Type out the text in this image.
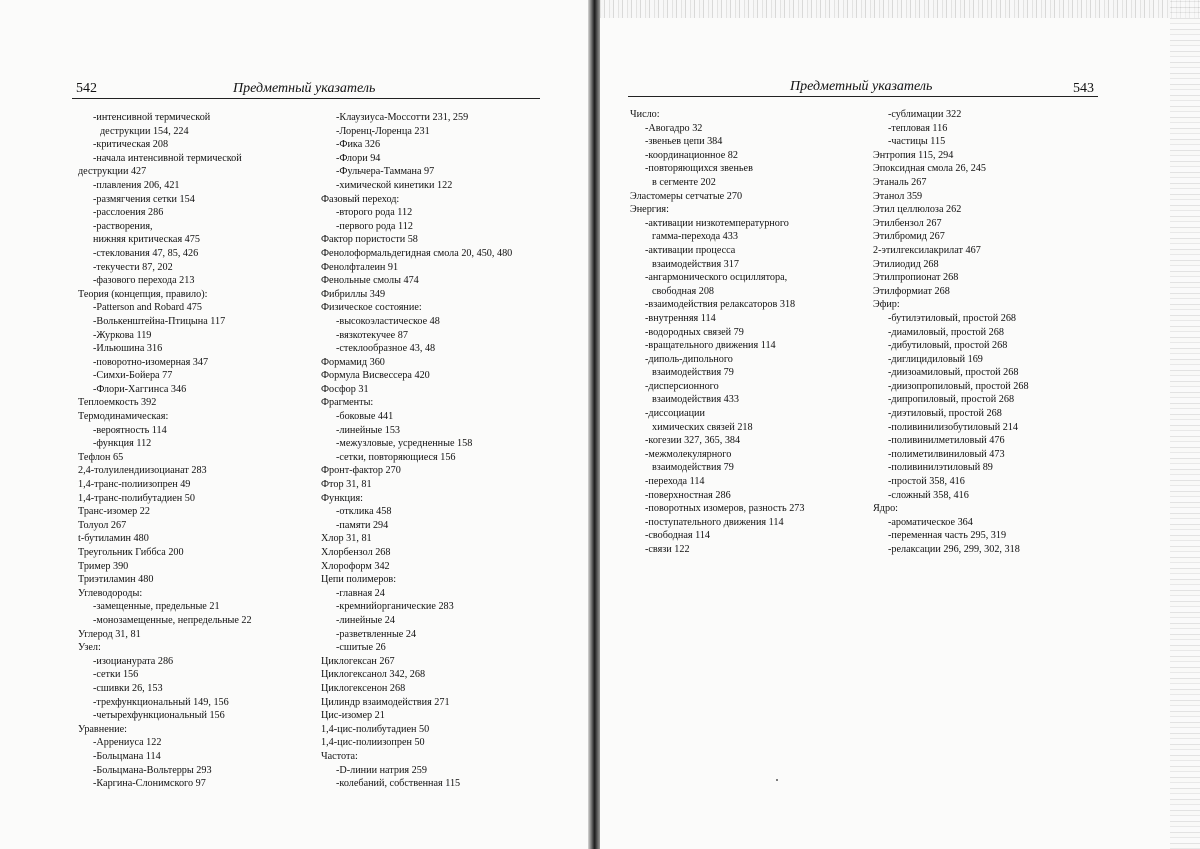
542	Предметный указатель
-интенсивной термической
деструкции 154, 224
-критическая 208
-начала интенсивной термической
деструкции 427
-плавления 206, 421
-размягчения сетки 154
-расслоения 286
-растворения,
нижняя критическая 475
-стеклования 47, 85, 426
-текучести 87, 202
-фазового перехода 213
Теория (концепция, правило):
-Patterson and Robard 475
-Волькенштейна-Птицына 117
-Журкова 119
-Ильюшина 316
-поворотно-изомерная 347
-Симхи-Бойера 77
-Флори-Хаггинса 346
Теплоемкость 392
Термодинамическая:
-вероятность 114
-функция 112
Тефлон 65
2,4-толуилендиизоцианат 283
1,4-транс-полиизопрен 49
1,4-транс-полибутадиен 50
Транс-изомер 22
Толуол 267
t-бутиламин 480
Треугольник Гиббса 200
Тример 390
Триэтиламин 480
Углеводороды:
-замещенные, предельные 21
-монозамещенные, непредельные 22
Углерод 31, 81
Узел:
-изоцианурата 286
-сетки 156
-сшивки 26, 153
-трехфункциональный 149, 156
-четырехфункциональный 156
Уравнение:
-Аррениуса 122
-Больцмана 114
-Больцмана-Вольтерры 293
-Каргина-Слонимского 97
-Клаузиуса-Моссотти 231, 259
-Лоренц-Лоренца 231
-Фика 326
-Флори 94
-Фульчера-Таммана 97
-химической кинетики 122
Фазовый переход:
-второго рода 112
-первого рода 112
Фактор пористости 58
Фенолоформальдегидная смола 20, 450, 480
Фенолфталеин 91
Фенольные смолы 474
Фибриллы 349
Физическое состояние:
-высокоэластическое 48
-вязкотекучее 87
-стеклообразное 43, 48
Формамид 360
Формула Висвессера 420
Фосфор 31
Фрагменты:
-боковые 441
-линейные 153
-межузловые, усредненные 158
-сетки, повторяющиеся 156
Фронт-фактор 270
Фтор 31, 81
Функция:
-отклика 458
-памяти 294
Хлор 31, 81
Хлорбензол 268
Хлороформ 342
Цепи полимеров:
-главная 24
-кремнийорганические 283
-линейные 24
-разветвленные 24
-сшитые 26
Циклогексан 267
Циклогексанол 342, 268
Циклогексенон 268
Цилиндр взаимодействия 271
Цис-изомер 21
1,4-цис-полибутадиен 50
1,4-цис-полиизопрен 50
Частота:
-D-линии натрия 259
-колебаний, собственная 115
Предметный указатель	543
Число:
-Авогадро 32
-звеньев цепи 384
-координационное 82
-повторяющихся звеньев
в сегменте 202
Эластомеры сетчатые 270
Энергия:
-активации низкотемпературного
гамма-перехода 433
-активации процесса
взаимодействия 317
-ангармонического осциллятора,
свободная 208
-взаимодействия релаксаторов 318
-внутренняя 114
-водородных связей 79
-вращательного движения 114
-диполь-дипольного
взаимодействия 79
-дисперсионного
взаимодействия 433
-диссоциации
химических связей 218
-когезии 327, 365, 384
-межмолекулярного
взаимодействия 79
-перехода 114
-поверхностная 286
-поворотных изомеров, разность 273
-поступательного движения 114
-свободная 114
-связи 122
-сублимации 322
-тепловая 116
-частицы 115
Энтропия 115, 294
Эпоксидная смола 26, 245
Этаналь 267
Этанол 359
Этил целлюлоза 262
Этилбензол 267
Этилбромид 267
2-этилгексилакрилат 467
Этилиодид 268
Этилпропионат 268
Этилформиат 268
Эфир:
-бутилэтиловый, простой 268
-диамиловый, простой 268
-дибутиловый, простой 268
-диглицидиловый 169
-диизоамиловый, простой 268
-диизопропиловый, простой 268
-дипропиловый, простой 268
-диэтиловый, простой 268
-поливинилизобутиловый 214
-поливинилметиловый 476
-полиметилвиниловый 473
-поливинилэтиловый 89
-простой 358, 416
-сложный 358, 416
Ядро:
-ароматическое 364
-переменная часть 295, 319
-релаксации 296, 299, 302, 318
